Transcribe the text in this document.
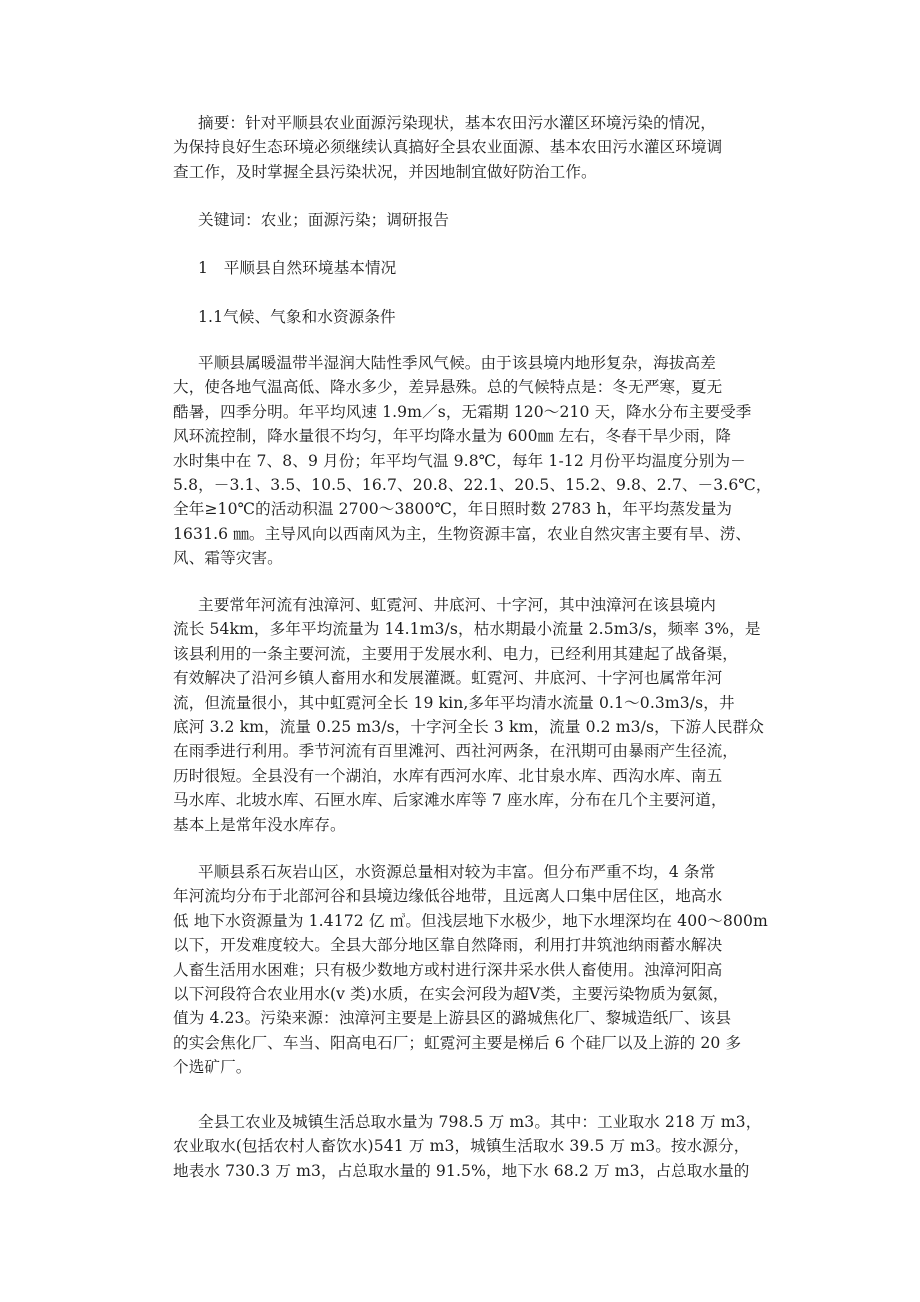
摘要：针对平顺县农业面源污染现状，基本农田污水灌区环境污染的情况，
为保持良好生态环境必须继续认真搞好全县农业面源、基本农田污水灌区环境调
查工作，及时掌握全县污染状况，并因地制宜做好防治工作。
关键词：农业；面源污染；调研报告
1　平顺县自然环境基本情况
1.1气候、气象和水资源条件
平顺县属暖温带半湿润大陆性季风气候。由于该县境内地形复杂，海拔高差
大，使各地气温高低、降水多少，差异悬殊。总的气候特点是：冬无严寒，夏无
酷暑，四季分明。年平均风速 1.9m／s，无霜期 120～210 天，降水分布主要受季
风环流控制，降水量很不均匀，年平均降水量为 600㎜ 左右，冬春干旱少雨，降
水时集中在 7、8、9 月份；年平均气温 9.8℃，每年 1-12 月份平均温度分别为－
5.8，－3.1、3.5、10.5、16.7、20.8、22.1、20.5、15.2、9.8、2.7、－3.6℃，
全年≥10℃的活动积温 2700～3800℃，年日照时数 2783 h，年平均蒸发量为
1631.6 ㎜。主导风向以西南风为主，生物资源丰富，农业自然灾害主要有旱、涝、
风、霜等灾害。
主要常年河流有浊漳河、虹霓河、井底河、十字河，其中浊漳河在该县境内
流长 54km，多年平均流量为 14.1m3/s，枯水期最小流量 2.5m3/s，频率 3%，是
该县利用的一条主要河流，主要用于发展水利、电力，已经利用其建起了战备渠，
有效解决了沿河乡镇人畜用水和发展灌溉。虹霓河、井底河、十字河也属常年河
流，但流量很小，其中虹霓河全长 19 kin,多年平均清水流量 0.1～0.3m3/s，井
底河 3.2 km，流量 0.25 m3/s，十字河全长 3 km，流量 0.2 m3/s，下游人民群众
在雨季进行利用。季节河流有百里滩河、西社河两条，在汛期可由暴雨产生径流，
历时很短。全县没有一个湖泊，水库有西河水库、北甘泉水库、西沟水库、南五
马水库、北坡水库、石匣水库、后家滩水库等 7 座水库，分布在几个主要河道，
基本上是常年没水库存。
平顺县系石灰岩山区，水资源总量相对较为丰富。但分布严重不均，4 条常
年河流均分布于北部河谷和县境边缘低谷地带，且远离人口集中居住区，地高水
低 地下水资源量为 1.4172 亿 ㎥。但浅层地下水极少，地下水埋深均在 400～800m
以下，开发难度较大。全县大部分地区靠自然降雨，利用打井筑池纳雨蓄水解决
人畜生活用水困难；只有极少数地方或村进行深井采水供人畜使用。浊漳河阳高
以下河段符合农业用水(v 类)水质，在实会河段为超Ⅴ类，主要污染物质为氨氮，
值为 4.23。污染来源：浊漳河主要是上游县区的潞城焦化厂、黎城造纸厂、该县
的实会焦化厂、车当、阳高电石厂；虹霓河主要是梯后 6 个硅厂以及上游的 20 多
个选矿厂。
全县工农业及城镇生活总取水量为 798.5 万 m3。其中：工业取水 218 万 m3，
农业取水(包括农村人畜饮水)541 万 m3，城镇生活取水 39.5 万 m3。按水源分，
地表水 730.3 万 m3，占总取水量的 91.5%，地下水 68.2 万 m3，占总取水量的
